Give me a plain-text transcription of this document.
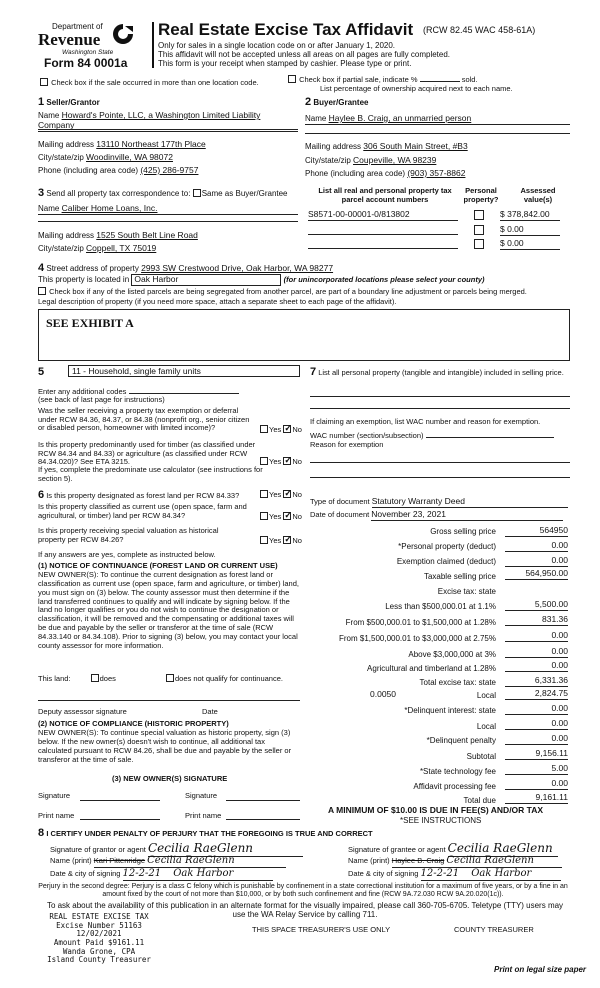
Department of
Revenue
Washington State
Form 84 0001a
Real Estate Excise Tax Affidavit (RCW 82.45 WAC 458-61A)
Only for sales in a single location code on or after January 1, 2020.
This affidavit will not be accepted unless all areas on all pages are fully completed.
This form is your receipt when stamped by cashier. Please type or print.
Check box if the sale occurred in more than one location code.	Check box if partial sale, indicate %	sold.
List percentage of ownership acquired next to each name.
1 Seller/Grantor
Name Howard's Pointe, LLC, a Washington Limited Liability Company
Mailing address 13110 Northeast 177th Place
City/state/zip Woodinville, WA 98072
Phone (including area code) (425) 286-9757
2 Buyer/Grantee
Name Haylee B. Craig, an unmarried person
Mailing address 306 South Main Street, #B3
City/state/zip Coupeville, WA 98239
Phone (including area code) (903) 357-8862
3 Send all property tax correspondence to: Same as Buyer/Grantee
Name Caliber Home Loans, Inc.
Mailing address 1525 South Belt Line Road
City/state/zip Coppell, TX 75019
List all real and personal property tax parcel account numbers
Personal property?
Assessed value(s)
S8571-00-00001-0/813802	$ 378,842.00
$ 0.00
$ 0.00
4 Street address of property 2993 SW Crestwood Drive, Oak Harbor, WA 98277
This property is located in Oak Harbor	(for unincorporated locations please select your county)
Check box if any of the listed parcels are being segregated from another parcel, are part of a boundary line adjustment or parcels being merged.
Legal description of property (if you need more space, attach a separate sheet to each page of the affidavit).
SEE EXHIBIT A
5	11 - Household, single family units
Enter any additional codes
(see back of last page for instructions)
Was the seller receiving a property tax exemption or deferral under RCW 84.36, 84.37, or 84.38 (nonprofit org., senior citizen or disabled person, homeowner with limited income)?	Yes ✓ No
Is this property predominantly used for timber (as classified under RCW 84.34 and 84.33) or agriculture (as classified under RCW 84.34.020)? See ETA 3215.	Yes ✓ No
If yes, complete the predominate use calculator (see instructions for section 5).
6 Is this property designated as forest land per RCW 84.33?	Yes ✓ No
Is this property classified as current use (open space, farm and agricultural, or timber) land per RCW 84.34?	Yes ✓ No
Is this property receiving special valuation as historical property per RCW 84.26?	Yes ✓ No
If any answers are yes, complete as instructed below.
(1) NOTICE OF CONTINUANCE (FOREST LAND OR CURRENT USE)
NEW OWNER(S): To continue the current designation as forest land or classification as current use (open space, farm and agriculture, or timber) land, you must sign on (3) below. The county assessor must then determine if the land transferred continues to qualify and will indicate by signing below. If the land no longer qualifies or you do not wish to continue the designation or classification, it will be removed and the compensating or additional taxes will be due and payable by the seller or transferor at the time of sale (RCW 84.33.140 or 84.34.108). Prior to signing (3) below, you may contact your local county assessor for more information.
This land:	does	does not qualify for continuance.
Deputy assessor signature	Date
(2) NOTICE OF COMPLIANCE (HISTORIC PROPERTY)
NEW OWNER(S): To continue special valuation as historic property, sign (3) below. If the new owner(s) doesn't wish to continue, all additional tax calculated pursuant to RCW 84.26, shall be due and payable by the seller or transferor at the time of sale.
(3) NEW OWNER(S) SIGNATURE
Signature	Signature
Print name	Print name
7 List all personal property (tangible and intangible) included in selling price.
If claiming an exemption, list WAC number and reason for exemption.
WAC number (section/subsection)
Reason for exemption
Type of document Statutory Warranty Deed
Date of document November 23, 2021
Gross selling price	564950
*Personal property (deduct)	0.00
Exemption claimed (deduct)	0.00
Taxable selling price	564,950.00
Excise tax: state
Less than $500,000.01 at 1.1%	5,500.00
From $500,000.01 to $1,500,000 at 1.28%	831.36
From $1,500,000.01 to $3,000,000 at 2.75%	0.00
Above $3,000,000 at 3%	0.00
Agricultural and timberland at 1.28%	0.00
Total excise tax: state	6,331.36
0.0050	Local	2,824.75
*Delinquent interest: state	0.00
Local	0.00
*Delinquent penalty	0.00
Subtotal	9,156.11
*State technology fee	5.00
Affidavit processing fee	0.00
Total due	9,161.11
A MINIMUM OF $10.00 IS DUE IN FEE(S) AND/OR TAX
*SEE INSTRUCTIONS
8 I CERTIFY UNDER PENALTY OF PERJURY THAT THE FOREGOING IS TRUE AND CORRECT
Signature of grantor or agent Cecilia RaeGlenn
Name (print) Kari Pittenridge Cecilia RaeGlenn
Date & city of signing 12-2-21 Oak Harbor
Signature of grantee or agent Cecilia RaeGlenn
Name (print) Haylee B. Craig Cecilia RaeGlenn
Date & city of signing 12-2-21 Oak Harbor
Perjury in the second degree: Perjury is a class C felony which is punishable by confinement in a state correctional institution for a maximum of five years, or by a fine in an amount fixed by the court of not more than $10,000, or by both such confinement and fine (RCW 9A.72.030 RCW 9A.20.020(1c)).
To ask about the availability of this publication in an alternate format for the visually impaired, please call 360-705-6705. Teletype (TTY) users may use the WA Relay Service by calling 711.
THIS SPACE TREASURER'S USE ONLY	COUNTY TREASURER
REAL ESTATE EXCISE TAX
Excise Number 51163
12/02/2021
Amount Paid $9161.11
Wanda Grone, CPA
Island County Treasurer
Print on legal size paper
